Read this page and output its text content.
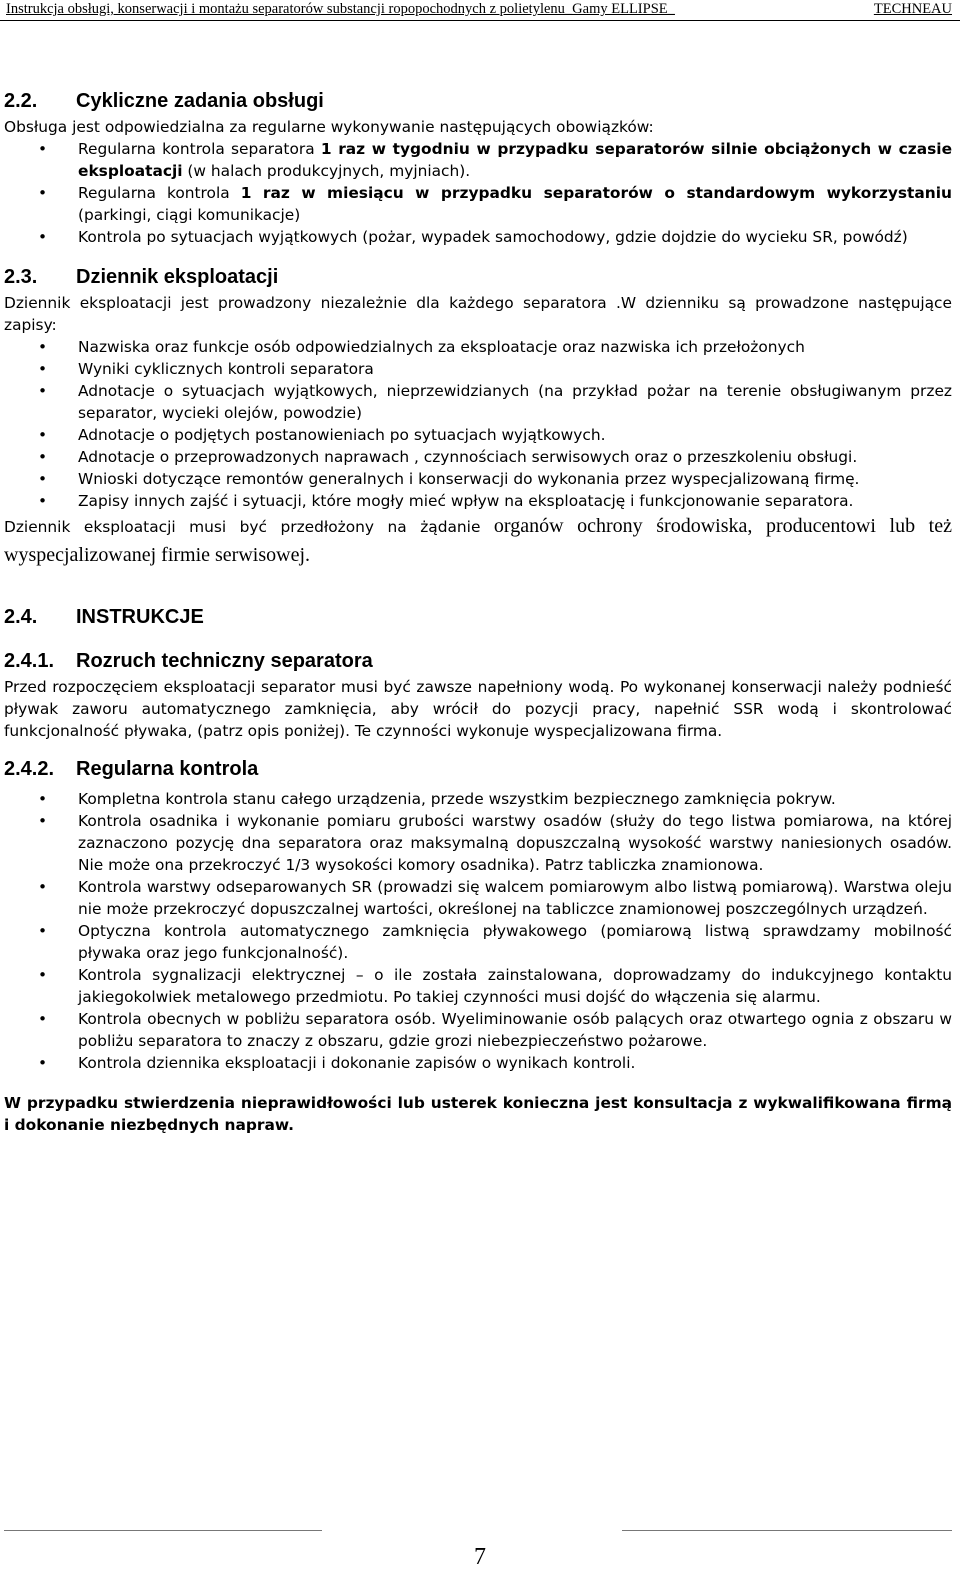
Instrukcja obsługi, konserwacji i montażu separatorów substancji ropopochodnych z polietylenu_Gamy ELLIPSE_	TECHNEAU
2.2. Cykliczne zadania obsługi

Obsługa jest odpowiedzialna za regularne wykonywanie następujących obowiązków:

• Regularna kontrola separatora 1 raz w tygodniu w przypadku separatorów silnie obciążonych w czasie eksploatacji (w halach produkcyjnych, myjniach).
• Regularna kontrola 1 raz w miesiącu w przypadku separatorów o standardowym wykorzystaniu (parkingi, ciągi komunikacje)
• Kontrola po sytuacjach wyjątkowych (pożar, wypadek samochodowy, gdzie dojdzie do wycieku SR, powódź)
2.3. Dziennik eksploatacji

Dziennik eksploatacji jest prowadzony niezależnie dla każdego separatora .W dzienniku są prowadzone następujące zapisy:

• Nazwiska oraz funkcje osób odpowiedzialnych za eksploatacje oraz nazwiska ich przełożonych
• Wyniki cyklicznych kontroli separatora
• Adnotacje o sytuacjach wyjątkowych, nieprzewidzianych (na przykład pożar na terenie obsługiwanym przez separator, wycieki olejów, powodzie)
• Adnotacje o podjętych postanowieniach po sytuacjach wyjątkowych.
• Adnotacje o przeprowadzonych naprawach , czynnościach serwisowych oraz o przeszkoleniu obsługi.
• Wnioski dotyczące remontów generalnych i konserwacji do wykonania przez wyspecjalizowaną firmę.
• Zapisy innych zajść i sytuacji, które mogły mieć wpływ na eksploatację i funkcjonowanie separatora.

Dziennik eksploatacji musi być przedłożony na żądanie organów ochrony środowiska, producentowi lub też wyspecjalizowanej firmie serwisowej.

2.4. INSTRUKCJE
2.4.1. Rozruch techniczny separatora

Przed rozpoczęciem eksploatacji separator musi być zawsze napełniony wodą. Po wykonanej konserwacji należy podnieść pływak zaworu automatycznego zamknięcia, aby wrócił do pozycji pracy, napełnić SSR wodą i skontrolować funkcjonalność pływaka, (patrz opis poniżej). Te czynności wykonuje wyspecjalizowana firma.

2.4.2. Regularna kontrola
• Kompletna kontrola stanu całego urządzenia, przede wszystkim bezpiecznego zamknięcia pokryw.
• Kontrola osadnika i wykonanie pomiaru grubości warstwy osadów (służy do tego listwa pomiarowa, na której zaznaczono pozycję dna separatora oraz maksymalną dopuszczalną wysokość warstwy naniesionych osadów. Nie może ona przekroczyć 1/3 wysokości komory osadnika). Patrz tabliczka znamionowa.
• Kontrola warstwy odseparowanych SR (prowadzi się walcem pomiarowym albo listwą pomiarową). Warstwa oleju nie może przekroczyć dopuszczalnej wartości, określonej na tabliczce znamionowej poszczególnych urządzeń.
• Optyczna kontrola automatycznego zamknięcia pływakowego (pomiarową listwą sprawdzamy mobilność pływaka oraz jego funkcjonalność).
• Kontrola sygnalizacji elektrycznej – o ile została zainstalowana, doprowadzamy do indukcyjnego kontaktu jakiegokolwiek metalowego przedmiotu. Po takiej czynności musi dojść do włączenia się alarmu.
• Kontrola obecnych w pobliżu separatora osób. Wyeliminowanie osób palących oraz otwartego ognia z obszaru w pobliżu separatora to znaczy z obszaru, gdzie grozi niebezpieczeństwo pożarowe.
• Kontrola dziennika eksploatacji i dokonanie zapisów o wynikach kontroli.

W przypadku stwierdzenia nieprawidłowości lub usterek konieczna jest konsultacja z wykwalifikowana firmą i dokonanie niezbędnych napraw.

7
